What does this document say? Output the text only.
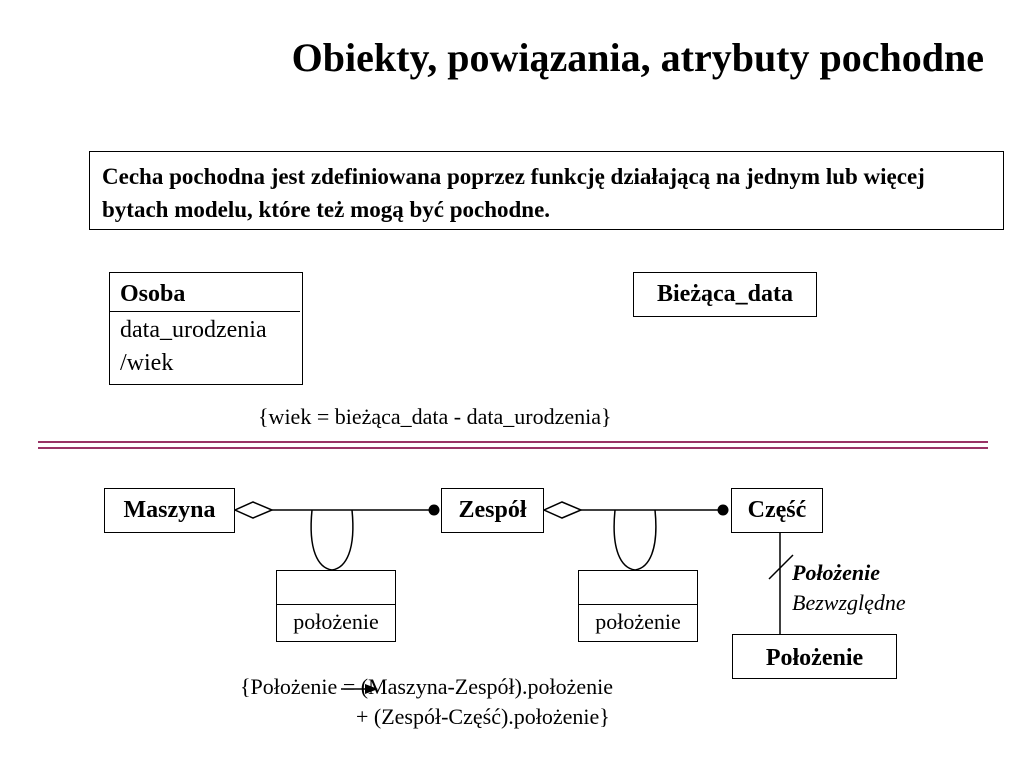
Obiekty, powiązania, atrybuty pochodne
Cecha pochodna jest zdefiniowana poprzez funkcję działającą na jednym lub więcej bytach modelu, które też mogą być pochodne.
Osoba
data_urodzenia
/wiek
Bieżąca_data
{wiek = bieżąca_data - data_urodzenia}
Maszyna	Zespół	Część
położenie	położenie
Położenie
Położenie
Bezwzględne
{Położenie = (Maszyna-Zespół).położenie
+ (Zespół-Część).położenie}
